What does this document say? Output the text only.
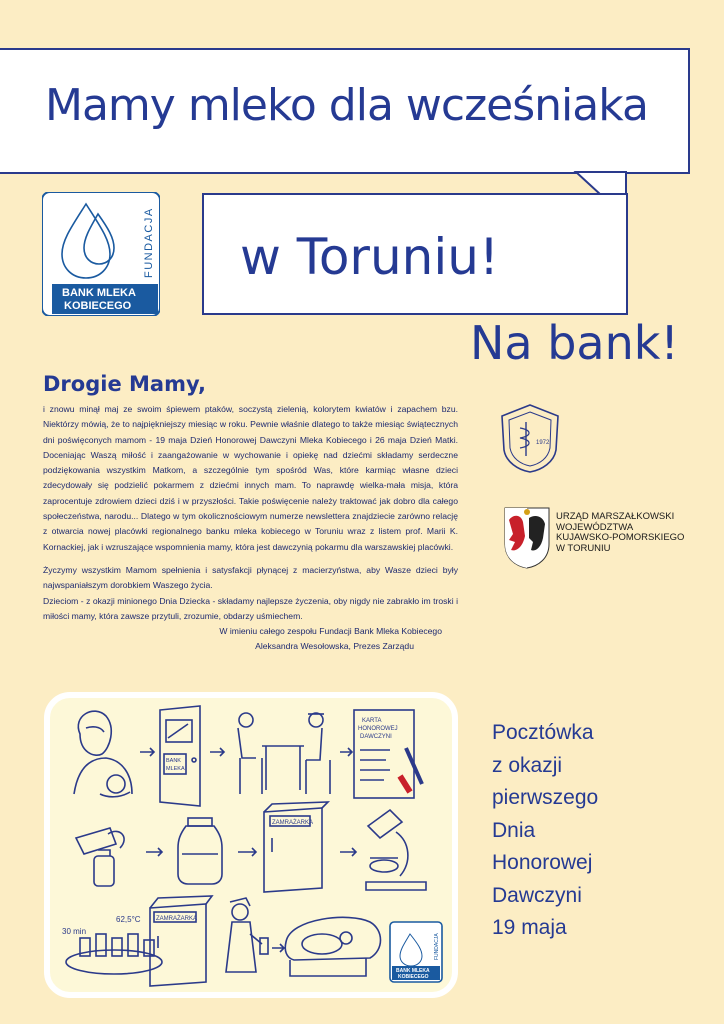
Mamy mleko dla wcześniaka
w Toruniu!
Na bank!
BANK MLEKA
KOBIECEGO
FUNDACJA
Drogie Mamy,

i znowu minął maj ze swoim śpiewem ptaków, soczystą zielenią, kolorytem kwiatów i zapachem bzu. Niektórzy mówią, że to najpiękniejszy miesiąc w roku. Pewnie właśnie dlatego to także miesiąc świątecznych dni poświęconych mamom - 19 maja Dzień Honorowej Dawczyni Mleka Kobiecego i 26 maja Dzień Matki. Doceniając Waszą miłość i zaangażowanie w wychowanie i opiekę nad dziećmi składamy serdeczne podziękowania wszystkim Matkom, a szczególnie tym spośród Was, które karmiąc własne dzieci zdecydowały się podzielić pokarmem z dziećmi innych mam. To naprawdę wielka-mała misja, która zaprocentuje zdrowiem dzieci dziś i w przyszłości. Takie poświęcenie należy traktować jak dobro dla całego społeczeństwa, narodu... Dlatego w tym okolicznościowym numerze newslettera znajdziecie zarówno relację z otwarcia nowej placówki regionalnego banku mleka kobiecego w Toruniu wraz z listem prof. Marii K. Kornackiej, jak i wzruszające wspomnienia mamy, która jest dawczynią pokarmu dla warszawskiej placówki.

Życzymy wszystkim Mamom spełnienia i satysfakcji płynącej z macierzyństwa, aby Wasze dzieci były najwspaniałszym dorobkiem Waszego życia.

Dzieciom - z okazji minionego Dnia Dziecka - składamy najlepsze życzenia, oby nigdy nie zabrakło im troski i miłości mamy, która zawsze przytuli, zrozumie, obdarzy uśmiechem.

W imieniu całego zespołu Fundacji Bank Mleka Kobiecego
Aleksandra Wesołowska, Prezes Zarządu
1972
URZĄD MARSZAŁKOWSKI
WOJEWÓDZTWA
KUJAWSKO-POMORSKIEGO
W TORUNIU
BANK
MLEKA
KARTA
HONOROWEJ
DAWCZYNI
ZAMRAŻARKA
30 min
62,5°C	ZAMRAŻARKA
BANK MLEKA
KOBIECEGO
FUNDACJA
Pocztówka
z okazji
pierwszego
Dnia
Honorowej
Dawczyni
19 maja
